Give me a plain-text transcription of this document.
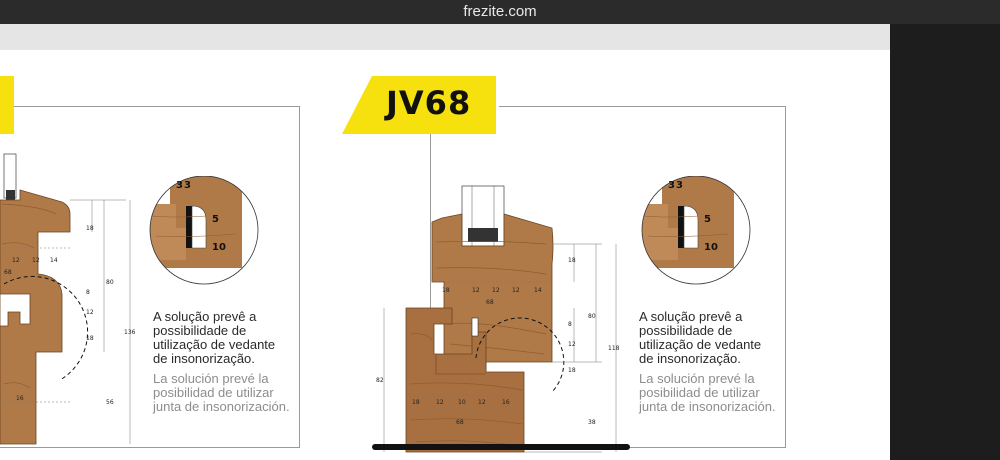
frezite.com
18
12 12 14
68
8
12
18
80
136
16
56
3 3
5
10
A solução prevê a possibilidade de utilização de vedante de insonorização.
La solución prevé la posibilidad de utilizar junta de insonorización.
JV68
18
18	12 12 12 14
68
8
12
18
80
118
82
18	12 10 12	16
68	38
3 3
5
10
A solução prevê a possibilidade de utilização de vedante de insonorização.
La solución prevé la posibilidad de utilizar junta de insonorización.
